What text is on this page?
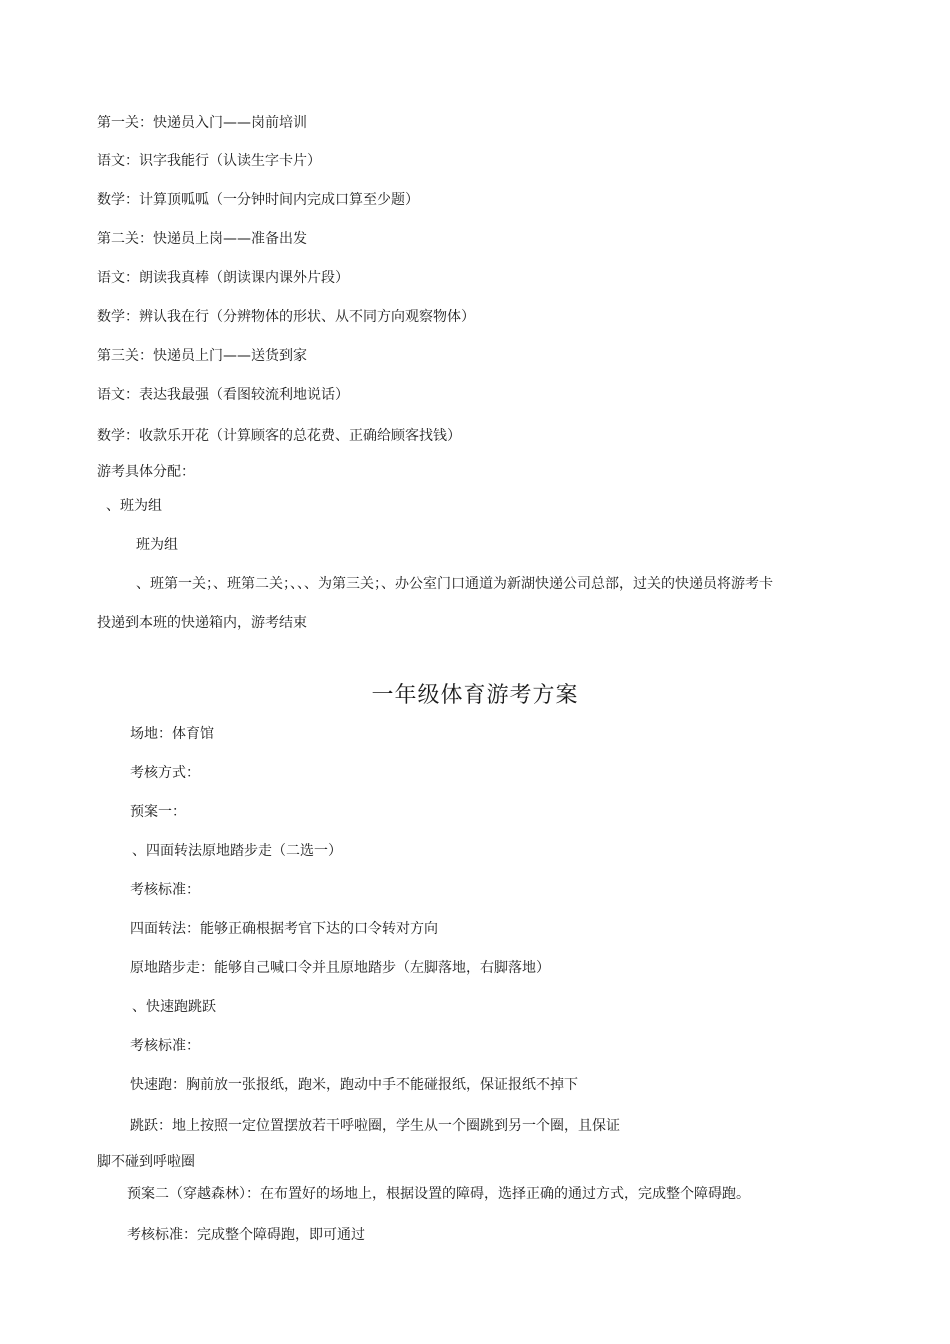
第一关：快递员入门——岗前培训
语文：识字我能行（认读生字卡片）
数学：计算顶呱呱（一分钟时间内完成口算至少题）
第二关：快递员上岗——准备出发
语文：朗读我真棒（朗读课内课外片段）
数学：辨认我在行（分辨物体的形状、从不同方向观察物体）
第三关：快递员上门——送货到家
语文：表达我最强（看图较流利地说话）
数学：收款乐开花（计算顾客的总花费、正确给顾客找钱）
游考具体分配：
、班为组
班为组
、班第一关；、班第二关；、、、为第三关；、办公室门口通道为新湖快递公司总部，过关的快递员将游考卡
投递到本班的快递箱内，游考结束
一年级体育游考方案
场地：体育馆
考核方式：
预案一：
、四面转法原地踏步走（二选一）
考核标准：
四面转法：能够正确根据考官下达的口令转对方向
原地踏步走：能够自己喊口令并且原地踏步（左脚落地，右脚落地）
、快速跑跳跃
考核标准：
快速跑：胸前放一张报纸，跑米，跑动中手不能碰报纸，保证报纸不掉下
跳跃：地上按照一定位置摆放若干呼啦圈，学生从一个圈跳到另一个圈，且保证
脚不碰到呼啦圈
预案二（穿越森林）：在布置好的场地上，根据设置的障碍，选择正确的通过方式，完成整个障碍跑。
考核标准：完成整个障碍跑，即可通过
